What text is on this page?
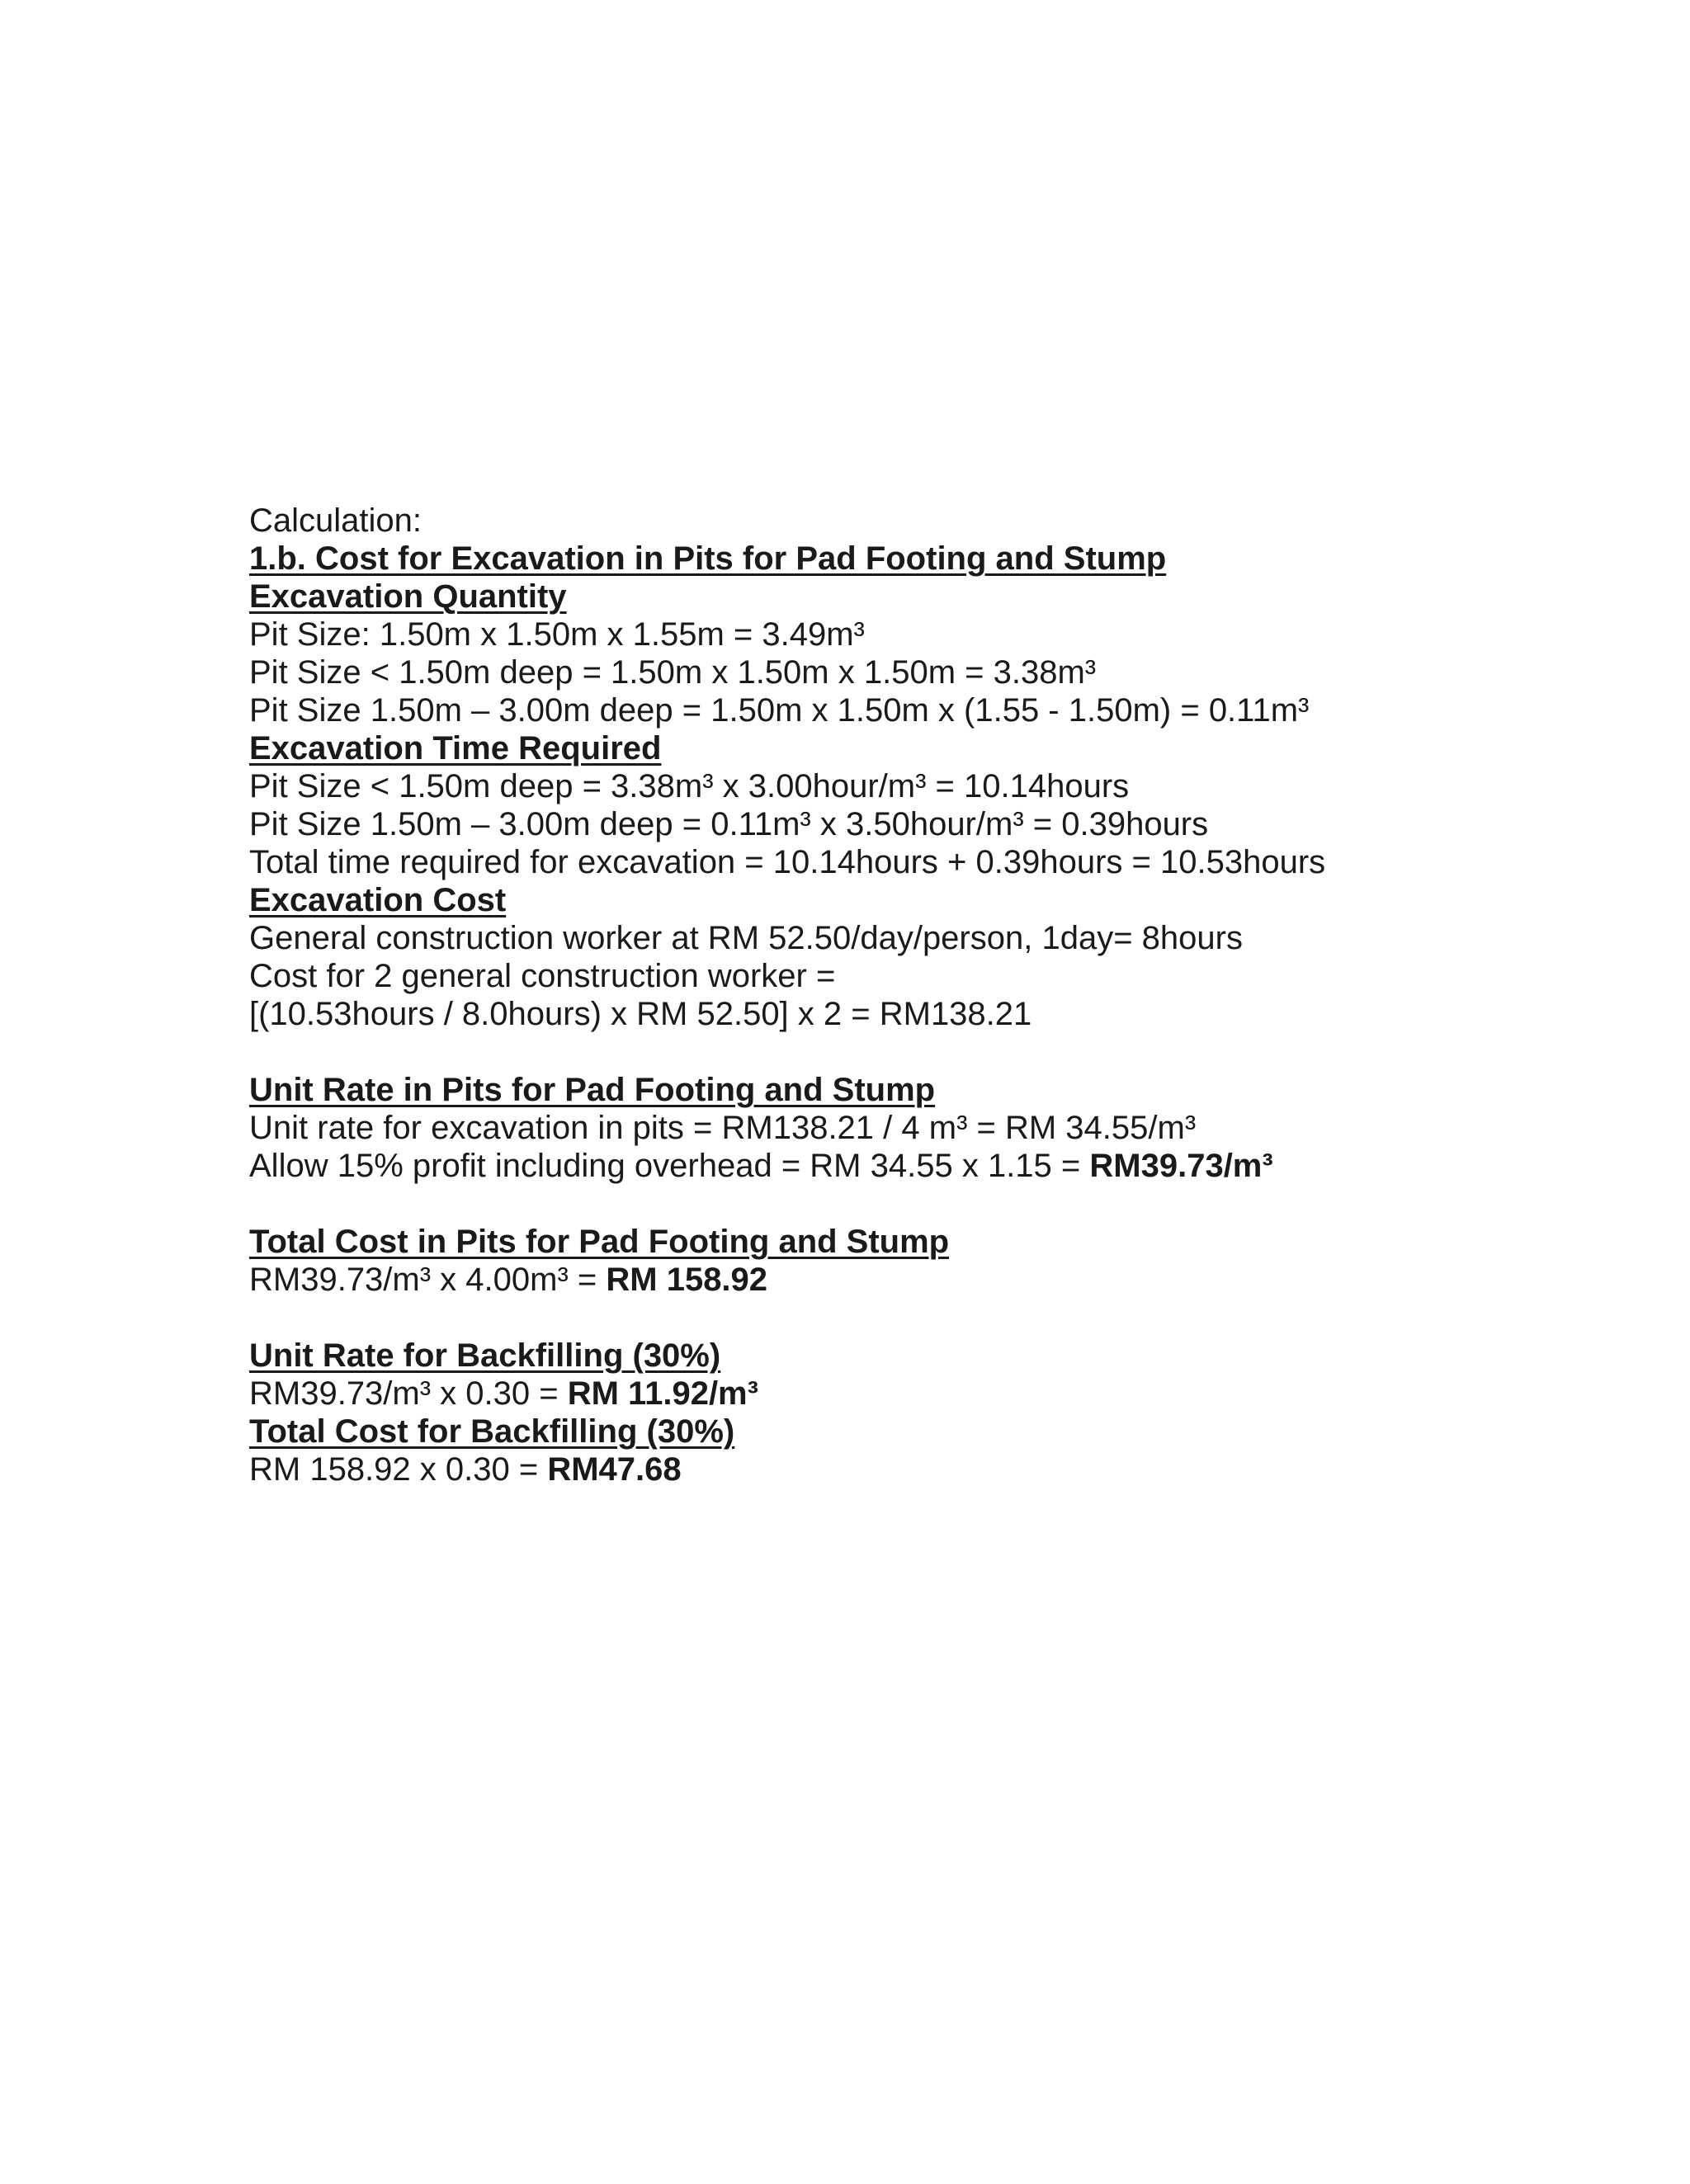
Calculation:

1.b. Cost for Excavation in Pits for Pad Footing and Stump

Excavation Quantity

Pit Size: 1.50m x 1.50m x 1.55m = 3.49m³

Pit Size < 1.50m deep = 1.50m x 1.50m x 1.50m = 3.38m³

Pit Size 1.50m – 3.00m deep = 1.50m x 1.50m x (1.55 - 1.50m) = 0.11m³

Excavation Time Required

Pit Size < 1.50m deep = 3.38m³ x 3.00hour/m³ = 10.14hours

Pit Size 1.50m – 3.00m deep = 0.11m³ x 3.50hour/m³ = 0.39hours

Total time required for excavation = 10.14hours + 0.39hours = 10.53hours

Excavation Cost

General construction worker at RM 52.50/day/person, 1day= 8hours

Cost for 2 general construction worker =

[(10.53hours / 8.0hours) x RM 52.50] x 2 = RM138.21

Unit Rate in Pits for Pad Footing and Stump

Unit rate for excavation in pits = RM138.21 / 4 m³ = RM 34.55/m³

Allow 15% profit including overhead = RM 34.55 x 1.15 = RM39.73/m³

Total Cost in Pits for Pad Footing and Stump

RM39.73/m³ x 4.00m³ = RM 158.92

Unit Rate for Backfilling (30%)

RM39.73/m³ x 0.30 = RM 11.92/m³

Total Cost for Backfilling (30%)

RM 158.92 x 0.30 = RM47.68
